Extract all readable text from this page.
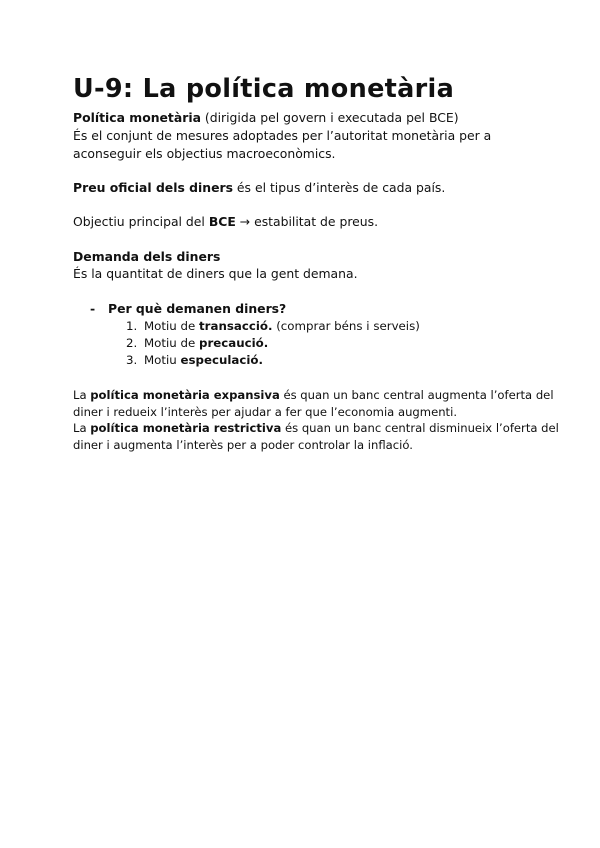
U-9: La política monetària

Política monetària (dirigida pel govern i executada pel BCE)

És el conjunt de mesures adoptades per l’autoritat monetària per a

aconseguir els objectius macroeconòmics.

Preu oficial dels diners és el tipus d’interès de cada país.

Objectiu principal del BCE → estabilitat de preus.

Demanda dels diners

És la quantitat de diners que la gent demana.

- Per què demanen diners?

1. Motiu de transacció. (comprar béns i serveis)
2. Motiu de precaució.
3. Motiu especulació.

La política monetària expansiva és quan un banc central augmenta l’oferta del

diner i redueix l’interès per ajudar a fer que l’economia augmenti.

La política monetària restrictiva és quan un banc central disminueix l’oferta del

diner i augmenta l’interès per a poder controlar la inflació.
